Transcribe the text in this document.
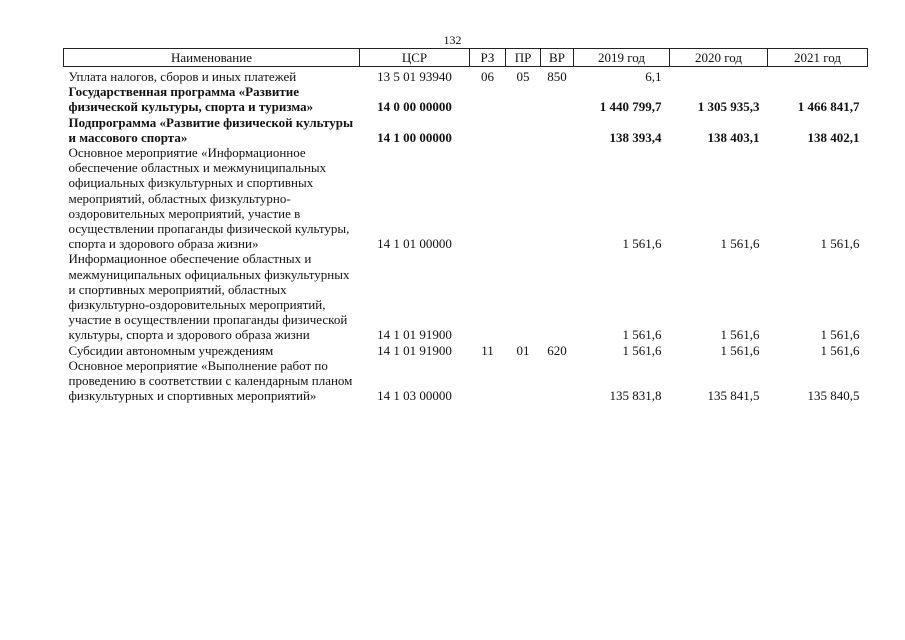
132
Наименование	ЦСР	РЗ	ПР	ВР	2019 год	2020 год	2021 год
Уплата налогов, сборов и иных платежей	13 5 01 93940	06	05	850	6,1		
Государственная программа «Развитие физической культуры, спорта и туризма»	14 0 00 00000				1 440 799,7	1 305 935,3	1 466 841,7
Подпрограмма «Развитие физической культуры и массового спорта»	14 1 00 00000				138 393,4	138 403,1	138 402,1
Основное мероприятие «Информационное обеспечение областных и межмуниципальных официальных физкультурных и спортивных мероприятий, областных физкультурно-оздоровительных мероприятий, участие в осуществлении пропаганды физической культуры, спорта и здорового образа жизни»	14 1 01 00000				1 561,6	1 561,6	1 561,6
Информационное обеспечение областных и межмуниципальных официальных физкультурных и спортивных мероприятий, областных физкультурно-оздоровительных мероприятий, участие в осуществлении пропаганды физической культуры, спорта и здорового образа жизни	14 1 01 91900				1 561,6	1 561,6	1 561,6
Субсидии автономным учреждениям	14 1 01 91900	11	01	620	1 561,6	1 561,6	1 561,6
Основное мероприятие «Выполнение работ по проведению в соответствии с календарным планом физкультурных и спортивных мероприятий»	14 1 03 00000				135 831,8	135 841,5	135 840,5
